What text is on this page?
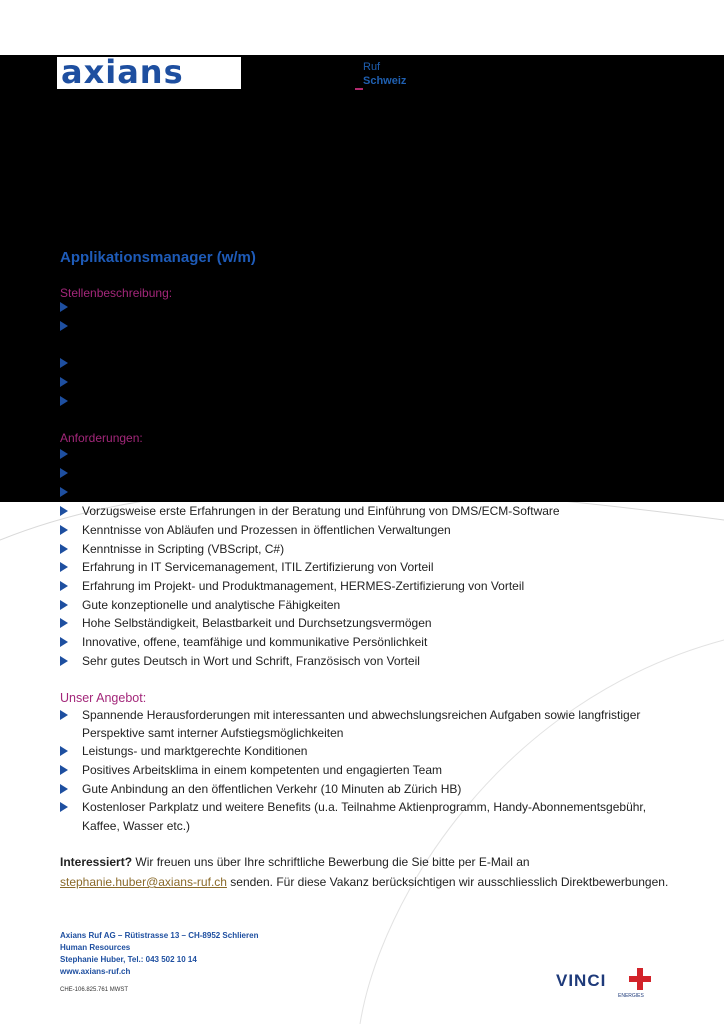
axians	Ruf
Schweiz
Applikationsmanager (w/m)
Stellenbeschreibung:
Anforderungen:
Vorzugsweise erste Erfahrungen in der Beratung und Einführung von DMS/ECM-Software
Kenntnisse von Abläufen und Prozessen in öffentlichen Verwaltungen
Kenntnisse in Scripting (VBScript, C#)
Erfahrung in IT Servicemanagement, ITIL Zertifizierung von Vorteil
Erfahrung im Projekt- und Produktmanagement, HERMES-Zertifizierung von Vorteil
Gute konzeptionelle und analytische Fähigkeiten
Hohe Selbständigkeit, Belastbarkeit und Durchsetzungsvermögen
Innovative, offene, teamfähige und kommunikative Persönlichkeit
Sehr gutes Deutsch in Wort und Schrift, Französisch von Vorteil
Unser Angebot:
Spannende Herausforderungen mit interessanten und abwechslungsreichen Aufgaben sowie langfristiger
Perspektive samt interner Aufstiegsmöglichkeiten
Leistungs- und marktgerechte Konditionen
Positives Arbeitsklima in einem kompetenten und engagierten Team
Gute Anbindung an den öffentlichen Verkehr (10 Minuten ab Zürich HB)
Kostenloser Parkplatz und weitere Benefits (u.a. Teilnahme Aktienprogramm, Handy-Abonnementsgebühr,
Kaffee, Wasser etc.)
Interessiert? Wir freuen uns über Ihre schriftliche Bewerbung die Sie bitte per E-Mail an
stephanie.huber@axians-ruf.ch senden. Für diese Vakanz berücksichtigen wir ausschliesslich Direktbewerbungen.
Axians Ruf AG – Rütistrasse 13 – CH-8952 Schlieren
Human Resources
Stephanie Huber, Tel.: 043 502 10 14
www.axians-ruf.ch
CHE-106.825.761 MWST	VINCI
ENERGIES
